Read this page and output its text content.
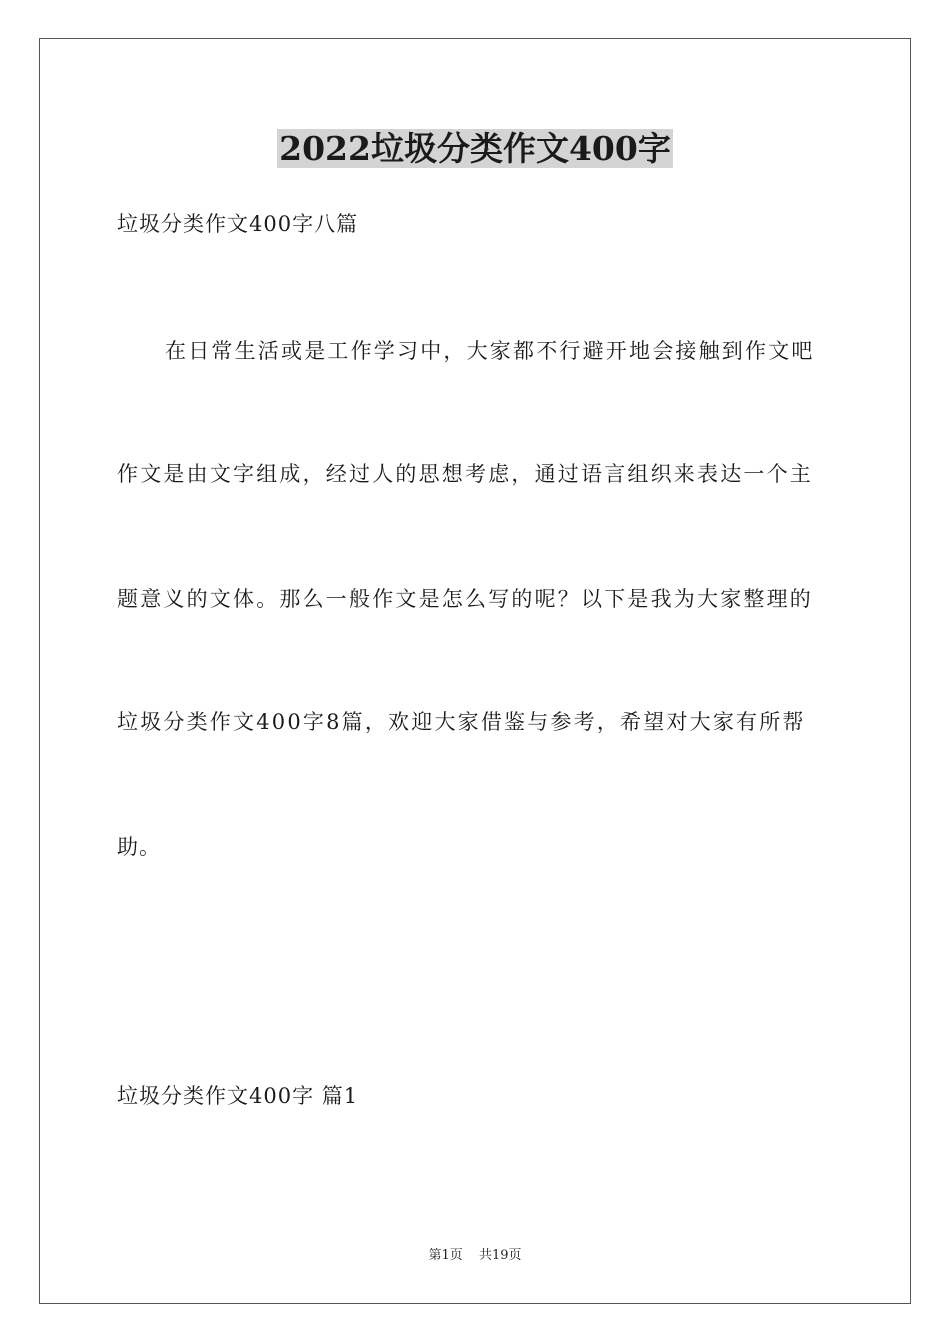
2022垃圾分类作文400字
垃圾分类作文400字八篇
在日常生活或是工作学习中，大家都不行避开地会接触到作文吧
作文是由文字组成，经过人的思想考虑，通过语言组织来表达一个主
题意义的文体。那么一般作文是怎么写的呢？以下是我为大家整理的
垃圾分类作文400字8篇，欢迎大家借鉴与参考，希望对大家有所帮
助。
垃圾分类作文400字 篇1
第1页 共19页
